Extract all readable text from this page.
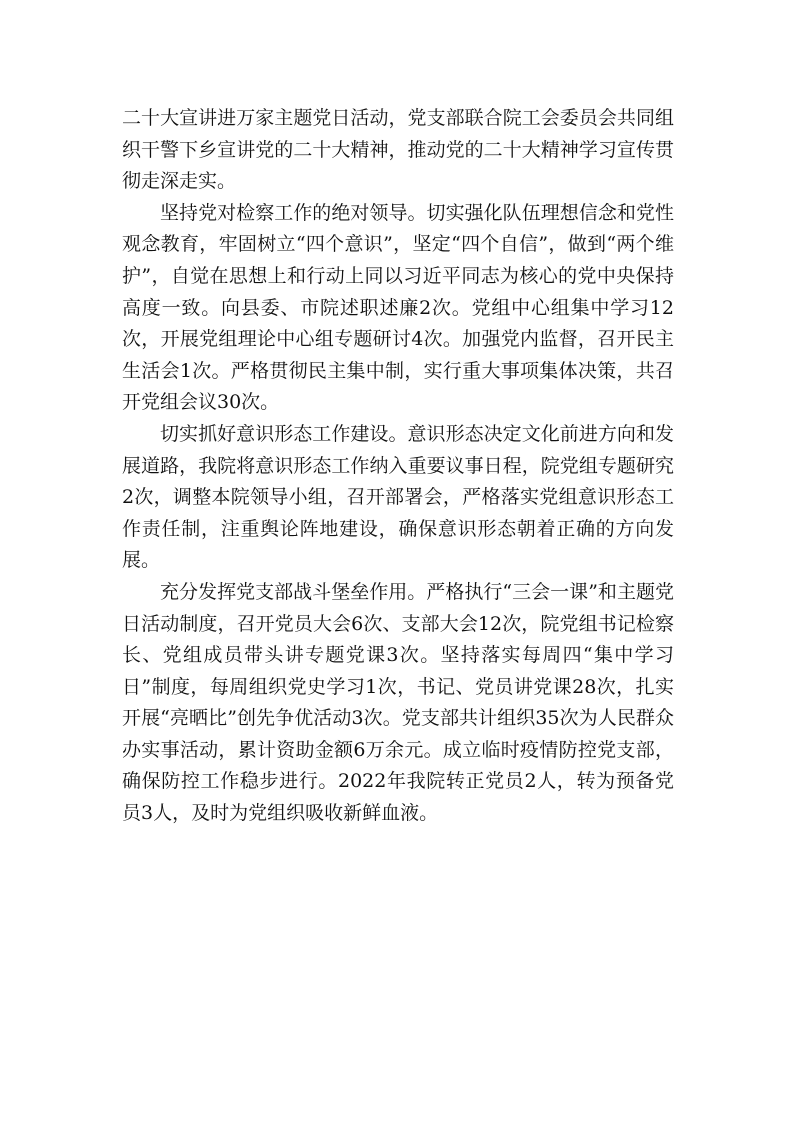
二十大宣讲进万家主题党日活动，党支部联合院工会委员会共同组织干警下乡宣讲党的二十大精神，推动党的二十大精神学习宣传贯彻走深走实。

坚持党对检察工作的绝对领导。切实强化队伍理想信念和党性观念教育，牢固树立“四个意识”，坚定“四个自信”，做到“两个维护”，自觉在思想上和行动上同以习近平同志为核心的党中央保持高度一致。向县委、市院述职述廉2次。党组中心组集中学习12次，开展党组理论中心组专题研讨4次。加强党内监督，召开民主生活会1次。严格贯彻民主集中制，实行重大事项集体决策，共召开党组会议30次。

切实抓好意识形态工作建设。意识形态决定文化前进方向和发展道路，我院将意识形态工作纳入重要议事日程，院党组专题研究2次，调整本院领导小组，召开部署会，严格落实党组意识形态工作责任制，注重舆论阵地建设，确保意识形态朝着正确的方向发展。

充分发挥党支部战斗堡垒作用。严格执行“三会一课”和主题党日活动制度，召开党员大会6次、支部大会12次，院党组书记检察长、党组成员带头讲专题党课3次。坚持落实每周四“集中学习日”制度，每周组织党史学习1次，书记、党员讲党课28次，扎实开展“亮晒比”创先争优活动3次。党支部共计组织35次为人民群众办实事活动，累计资助金额6万余元。成立临时疫情防控党支部，确保防控工作稳步进行。2022年我院转正党员2人，转为预备党员3人，及时为党组织吸收新鲜血液。
